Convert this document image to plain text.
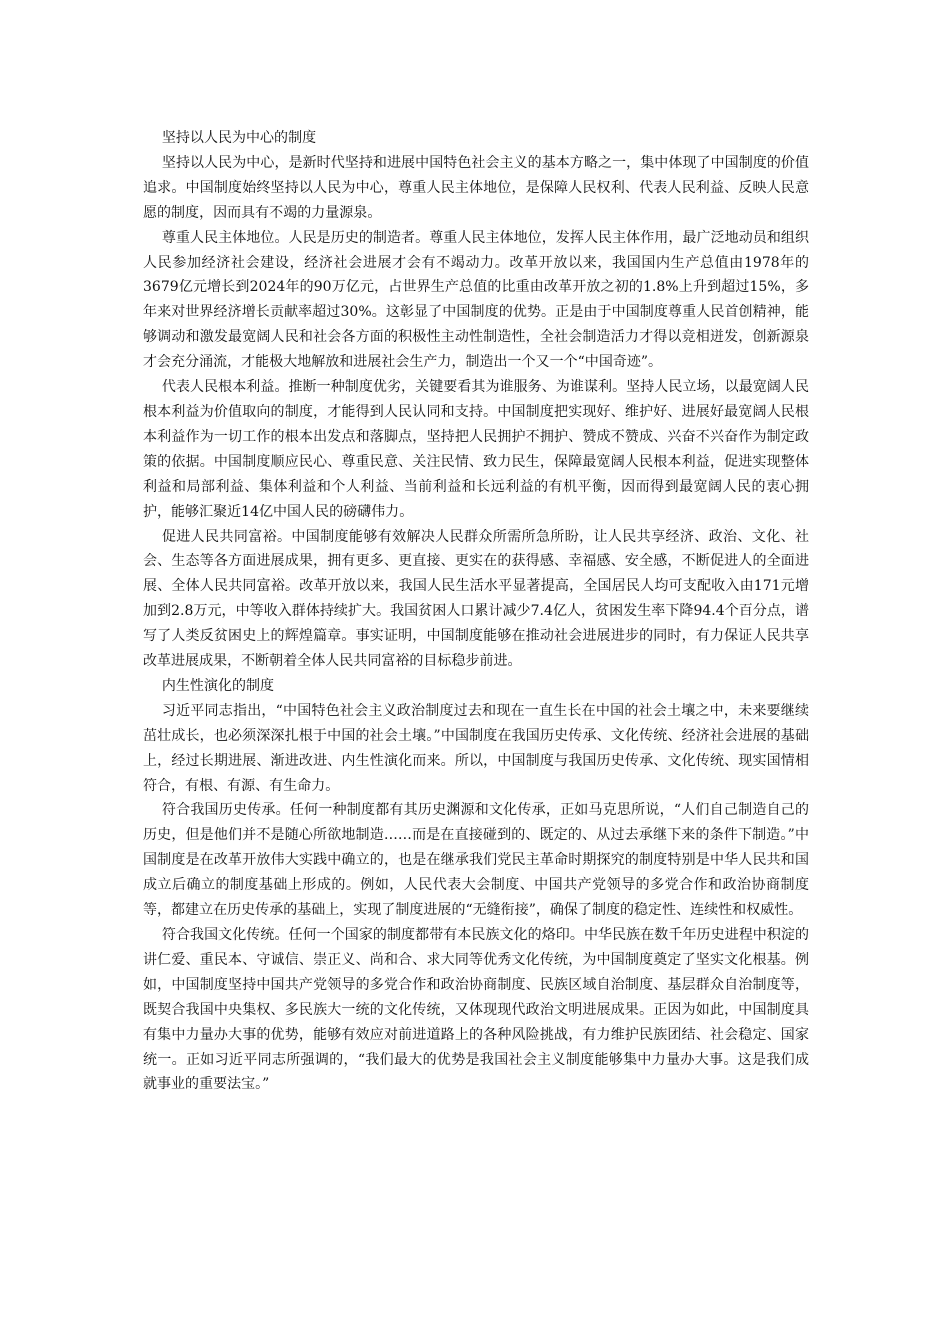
坚持以人民为中心的制度

坚持以人民为中心，是新时代坚持和进展中国特色社会主义的基本方略之一，集中体现了中国制度的价值追求。中国制度始终坚持以人民为中心，尊重人民主体地位，是保障人民权利、代表人民利益、反映人民意愿的制度，因而具有不竭的力量源泉。

尊重人民主体地位。人民是历史的制造者。尊重人民主体地位，发挥人民主体作用，最广泛地动员和组织人民参加经济社会建设，经济社会进展才会有不竭动力。改革开放以来，我国国内生产总值由1978年的3679亿元增长到2024年的90万亿元，占世界生产总值的比重由改革开放之初的1.8%上升到超过15%，多年来对世界经济增长贡献率超过30%。这彰显了中国制度的优势。正是由于中国制度尊重人民首创精神，能够调动和激发最宽阔人民和社会各方面的积极性主动性制造性，全社会制造活力才得以竞相迸发，创新源泉才会充分涌流，才能极大地解放和进展社会生产力，制造出一个又一个“中国奇迹”。

代表人民根本利益。推断一种制度优劣，关键要看其为谁服务、为谁谋利。坚持人民立场，以最宽阔人民根本利益为价值取向的制度，才能得到人民认同和支持。中国制度把实现好、维护好、进展好最宽阔人民根本利益作为一切工作的根本出发点和落脚点，坚持把人民拥护不拥护、赞成不赞成、兴奋不兴奋作为制定政策的依据。中国制度顺应民心、尊重民意、关注民情、致力民生，保障最宽阔人民根本利益，促进实现整体利益和局部利益、集体利益和个人利益、当前利益和长远利益的有机平衡，因而得到最宽阔人民的衷心拥护，能够汇聚近14亿中国人民的磅礴伟力。

促进人民共同富裕。中国制度能够有效解决人民群众所需所急所盼，让人民共享经济、政治、文化、社会、生态等各方面进展成果，拥有更多、更直接、更实在的获得感、幸福感、安全感，不断促进人的全面进展、全体人民共同富裕。改革开放以来，我国人民生活水平显著提高，全国居民人均可支配收入由171元增加到2.8万元，中等收入群体持续扩大。我国贫困人口累计减少7.4亿人，贫困发生率下降94.4个百分点，谱写了人类反贫困史上的辉煌篇章。事实证明，中国制度能够在推动社会进展进步的同时，有力保证人民共享改革进展成果，不断朝着全体人民共同富裕的目标稳步前进。

内生性演化的制度

习近平同志指出，“中国特色社会主义政治制度过去和现在一直生长在中国的社会土壤之中，未来要继续茁壮成长，也必须深深扎根于中国的社会土壤。”中国制度在我国历史传承、文化传统、经济社会进展的基础上，经过长期进展、渐进改进、内生性演化而来。所以，中国制度与我国历史传承、文化传统、现实国情相符合，有根、有源、有生命力。

符合我国历史传承。任何一种制度都有其历史渊源和文化传承，正如马克思所说，“人们自己制造自己的历史，但是他们并不是随心所欲地制造……而是在直接碰到的、既定的、从过去承继下来的条件下制造。”中国制度是在改革开放伟大实践中确立的，也是在继承我们党民主革命时期探究的制度特别是中华人民共和国成立后确立的制度基础上形成的。例如，人民代表大会制度、中国共产党领导的多党合作和政治协商制度等，都建立在历史传承的基础上，实现了制度进展的“无缝衔接”，确保了制度的稳定性、连续性和权威性。

符合我国文化传统。任何一个国家的制度都带有本民族文化的烙印。中华民族在数千年历史进程中积淀的讲仁爱、重民本、守诚信、崇正义、尚和合、求大同等优秀文化传统，为中国制度奠定了坚实文化根基。例如，中国制度坚持中国共产党领导的多党合作和政治协商制度、民族区域自治制度、基层群众自治制度等，既契合我国中央集权、多民族大一统的文化传统，又体现现代政治文明进展成果。正因为如此，中国制度具有集中力量办大事的优势，能够有效应对前进道路上的各种风险挑战，有力维护民族团结、社会稳定、国家统一。正如习近平同志所强调的，“我们最大的优势是我国社会主义制度能够集中力量办大事。这是我们成就事业的重要法宝。”
